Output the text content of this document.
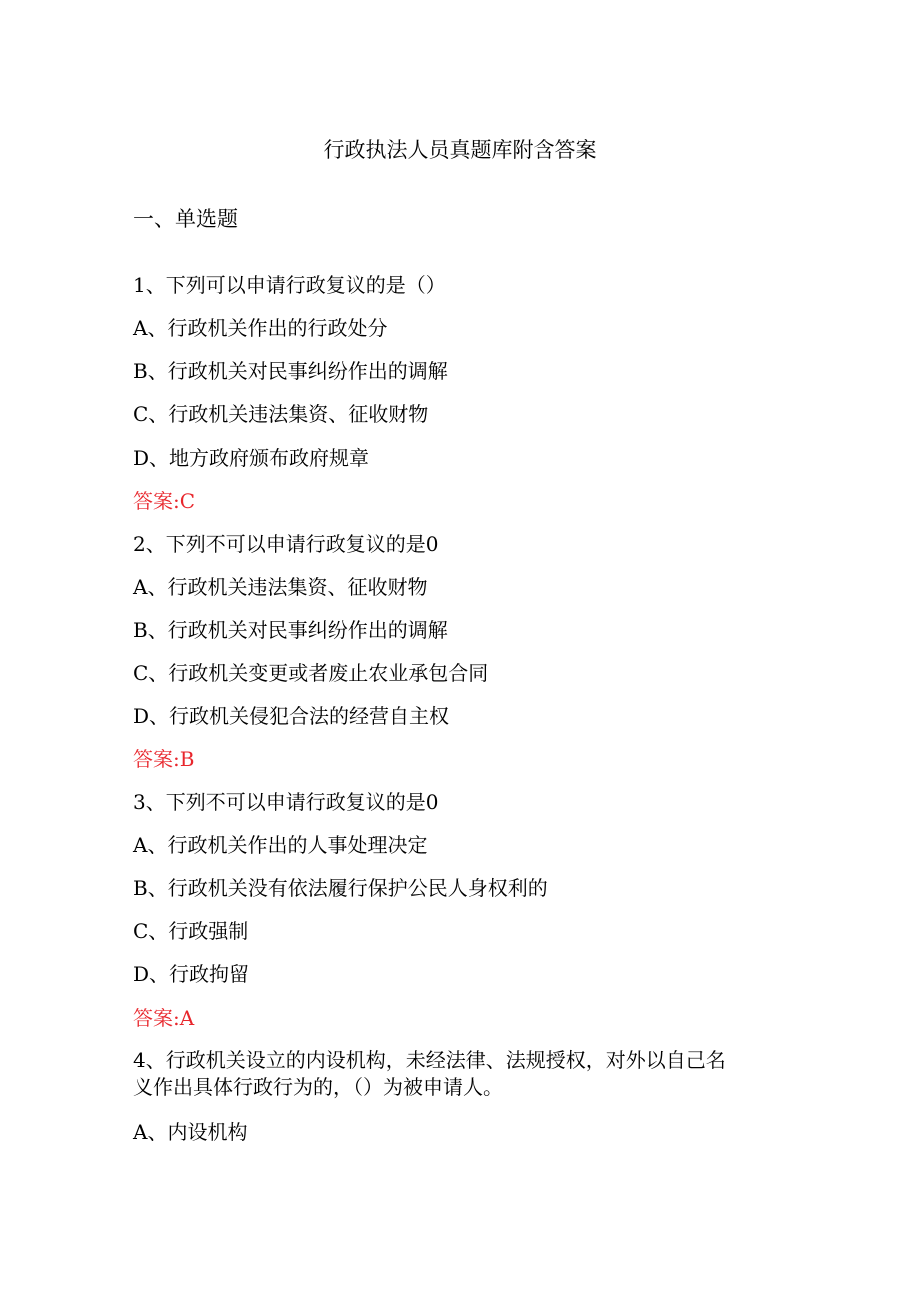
行政执法人员真题库附含答案
一、单选题
1、下列可以申请行政复议的是（）
A、行政机关作出的行政处分
B、行政机关对民事纠纷作出的调解
C、行政机关违法集资、征收财物
D、地方政府颁布政府规章
答案:C
2、下列不可以申请行政复议的是0
A、行政机关违法集资、征收财物
B、行政机关对民事纠纷作出的调解
C、行政机关变更或者废止农业承包合同
D、行政机关侵犯合法的经营自主权
答案:B
3、下列不可以申请行政复议的是0
A、行政机关作出的人事处理决定
B、行政机关没有依法履行保护公民人身权利的
C、行政强制
D、行政拘留
答案:A
4、行政机关设立的内设机构，未经法律、法规授权，对外以自己名
义作出具体行政行为的，（）为被申请人。
A、内设机构
